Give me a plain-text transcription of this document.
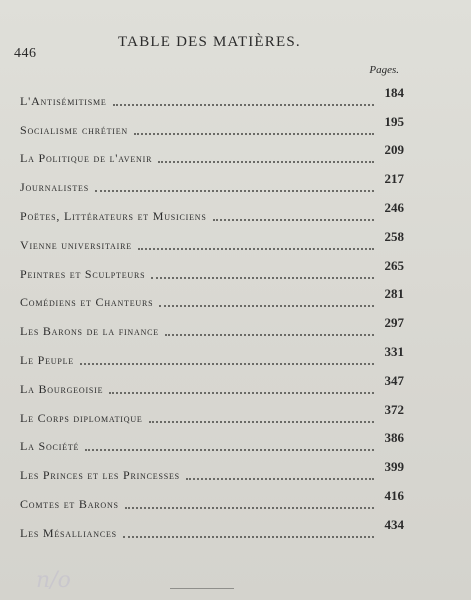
446
TABLE DES MATIÈRES.
Pages.
L'Antisémitisme
184
Socialisme chrétien
195
La Politique de l'avenir
209
Journalistes
217
Poëtes, Littérateurs et Musiciens
246
Vienne universitaire
258
Peintres et Sculpteurs
265
Comédiens et Chanteurs
281
Les Barons de la finance
297
Le Peuple
331
La Bourgeoisie
347
Le Corps diplomatique
372
La Société
386
Les Princes et les Princesses
399
Comtes et Barons
416
Les Mésalliances
434
n/o
